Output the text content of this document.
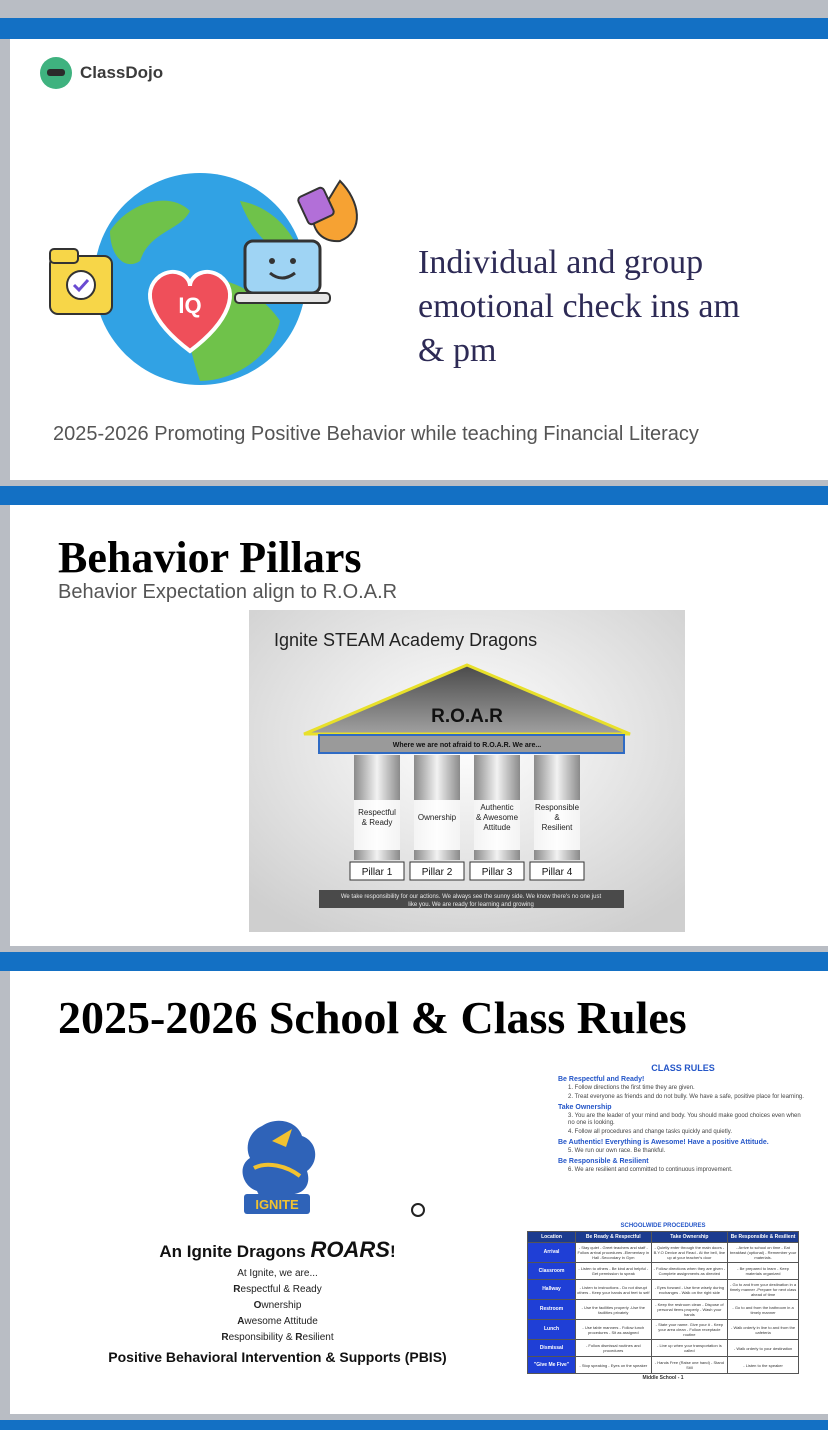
ClassDojo
IQ
Individual and group emotional check ins am & pm
2025-2026 Promoting Positive Behavior while teaching Financial Literacy
Behavior Pillars
Behavior Expectation align to R.O.A.R
Ignite STEAM Academy Dragons
R.O.A.R
Where we are not afraid to R.O.A.R. We are...
Respectful
& Ready
Pillar 1
Ownership
Pillar 2
Authentic
& Awesome
Attitude
Pillar 3
Responsible
&
Resilient
Pillar 4
We take responsibility for our actions. We always see the sunny side. We know there's no one just
like you. We are ready for learning and growing
2025-2026 School & Class Rules
IGNITE
An Ignite Dragons ROARS!
At Ignite, we are...
Respectful & Ready
Ownership
Awesome Attitude
Responsibility & Resilient
Positive Behavioral Intervention & Supports (PBIS)
CLASS RULES
Be Respectful and Ready!
1. Follow directions the first time they are given.
2. Treat everyone as friends and do not bully. We have a safe, positive place for learning.
Take Ownership
3. You are the leader of your mind and body. You should make good choices even when no one is looking.
4. Follow all procedures and change tasks quickly and quietly.
Be Authentic! Everything is Awesome! Have a positive Attitude.
5. We run our own race. Be thankful.
Be Responsible & Resilient
6. We are resilient and committed to continuous improvement.
SCHOOLWIDE PROCEDURES
Location	Be Ready & Respectful	Take Ownership	Be Responsible & Resilient
Arrival	- Stay quiet - Greet teachers and staff - Follow arrival procedures -Elementary in Hall -Secondary in Gym	- Quietly enter through the main doors - B.Y.O Device and Read - At the bell, line up at your teacher's door	- Arrive to school on time - Eat breakfast (optional) - Remember your materials.
Classroom	- Listen to others - Be kind and helpful - Get permission to speak	- Follow directions when they are given - Complete assignments as directed	- Be prepared to learn - Keep materials organized
Hallway	- Listen to instructions - Do not disrupt others - Keep your hands and feet to self	- Eyes forward - Use time wisely during exchanges - Walk on the right side	- Go to and from your destination in a timely manner -Prepare for next class ahead of time
Restroom	- Use the facilities properly -Use the facilities privately	- Keep the restroom clean - Dispose of personal items properly - Wash your hands	- Go to and from the bathroom in a timely manner
Lunch	- Use table manners - Follow lunch procedures - Sit as assigned	- State your name. Give your # - Keep your area clean - Follow receptacle routine	- Walk orderly in line to and from the cafeteria
Dismissal	- Follow dismissal routines and procedures	- Line up when your transportation is called	- Walk orderly to your destination
"Give Me Five"	- Stop speaking - Eyes on the speaker	- Hands Free (Raise one hand) - Stand Still	- Listen to the speaker
Middle School - 1
